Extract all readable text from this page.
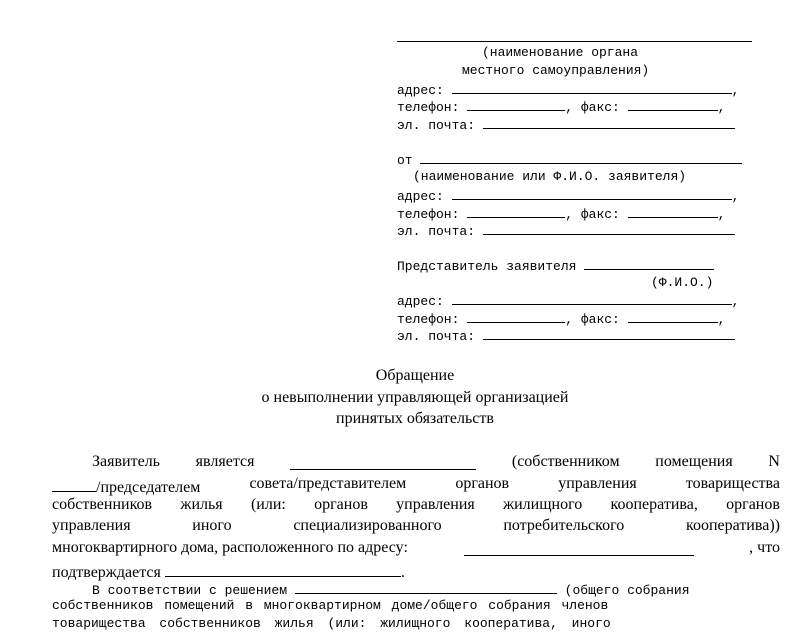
(наименование органа
местного самоуправления)
адрес:	,
телефон:	, факс:	,
эл. почта:
от
(наименование или Ф.И.О. заявителя)
адрес:	,
телефон:	, факс:	,
эл. почта:
Представитель заявителя
(Ф.И.О.)
адрес:	,
телефон:	, факс:	,
эл. почта:
Обращение
о невыполнении управляющей организацией
принятых обязательств
Заявитель является	(собственником помещения N
/председателем	совета/представителем	органов	управления	товарищества
собственников жилья (или: органов управления жилищного кооператива, органов
управления	иного	специализированного	потребительского	кооператива))
многоквартирного дома, расположенного по адресу:	, что
подтверждается	.
В соответствии с решением	(общего собрания
собственников помещений в многоквартирном доме/общего собрания членов
товарищества собственников жилья (или: жилищного кооператива, иного
